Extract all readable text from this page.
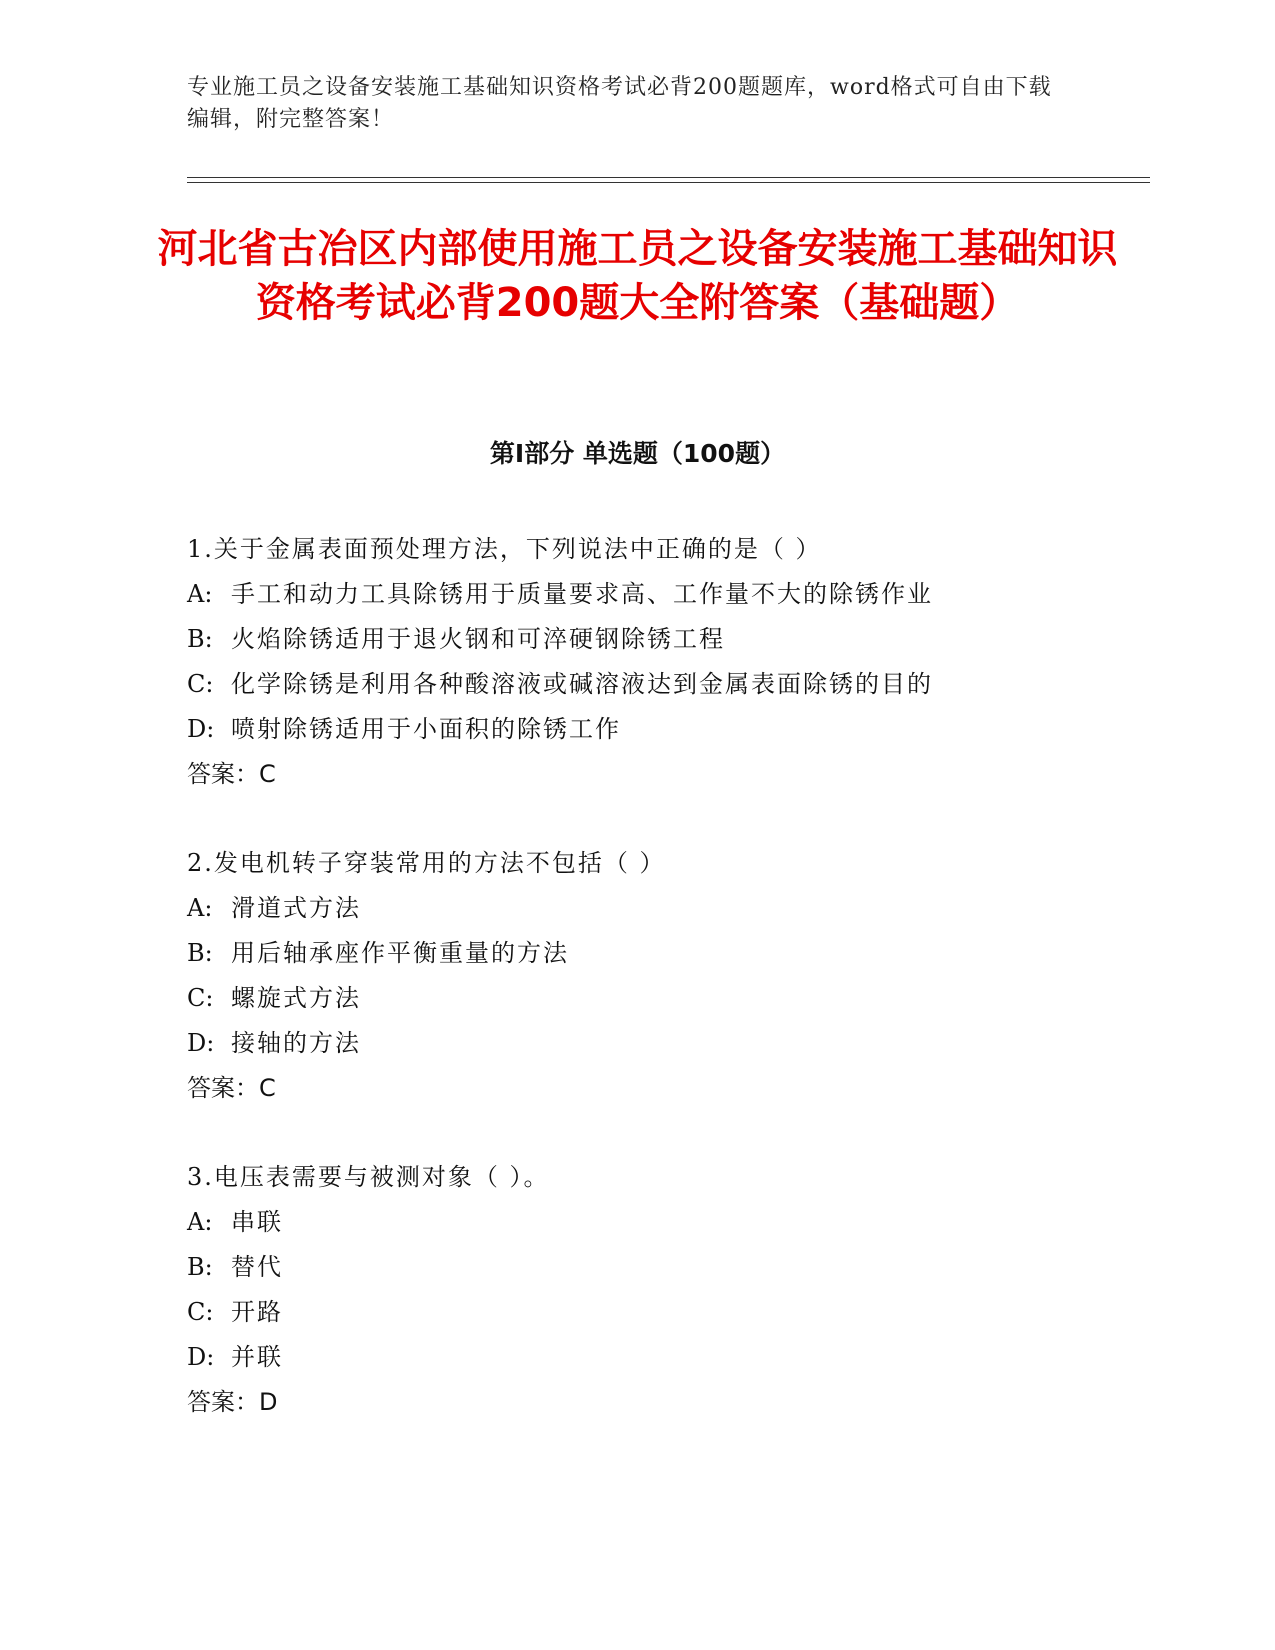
专业施工员之设备安装施工基础知识资格考试必背200题题库，word格式可自由下载编辑，附完整答案！
河北省古冶区内部使用施工员之设备安装施工基础知识资格考试必背200题大全附答案（基础题）
第Ⅰ部分 单选题（100题）
1.关于金属表面预处理方法，下列说法中正确的是（ ）
A: 手工和动力工具除锈用于质量要求高、工作量不大的除锈作业
B: 火焰除锈适用于退火钢和可淬硬钢除锈工程
C: 化学除锈是利用各种酸溶液或碱溶液达到金属表面除锈的目的
D: 喷射除锈适用于小面积的除锈工作
答案：C
2.发电机转子穿装常用的方法不包括（ ）
A: 滑道式方法
B: 用后轴承座作平衡重量的方法
C: 螺旋式方法
D: 接轴的方法
答案：C
3.电压表需要与被测对象（ ）。
A: 串联
B: 替代
C: 开路
D: 并联
答案：D
